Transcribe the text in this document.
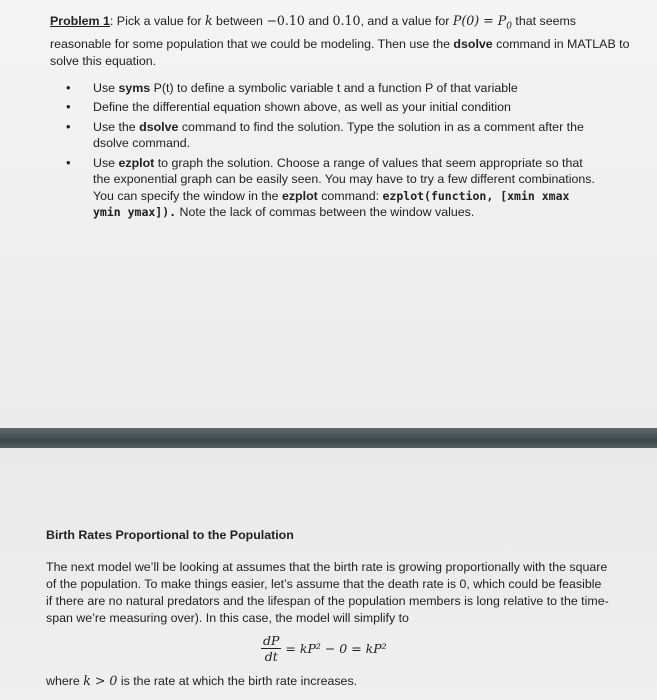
Problem 1: Pick a value for k between −0.10 and 0.10, and a value for $P(0) = P_0$ that seems reasonable for some population that we could be modeling. Then use the dsolve command in MATLAB to solve this equation.

• Use syms P(t) to define a symbolic variable t and a function P of that variable
• Define the differential equation shown above, as well as your initial condition
• Use the dsolve command to find the solution. Type the solution in as a comment after the dsolve command.
• Use ezplot to graph the solution. Choose a range of values that seem appropriate so that the exponential graph can be easily seen. You may have to try a few different combinations. You can specify the window in the ezplot command: ezplot(function, [xmin xmax ymin ymax]). Note the lack of commas between the window values.
Birth Rates Proportional to the Population

The next model we’ll be looking at assumes that the birth rate is growing proportionally with the square of the population. To make things easier, let’s assume that the death rate is 0, which could be feasible if there are no natural predators and the lifespan of the population members is long relative to the time-span we’re measuring over). In this case, the model will simplify to

$\frac{dP}{dt} = kP^2 - 0 = kP^2$

where k > 0 is the rate at which the birth rate increases.
